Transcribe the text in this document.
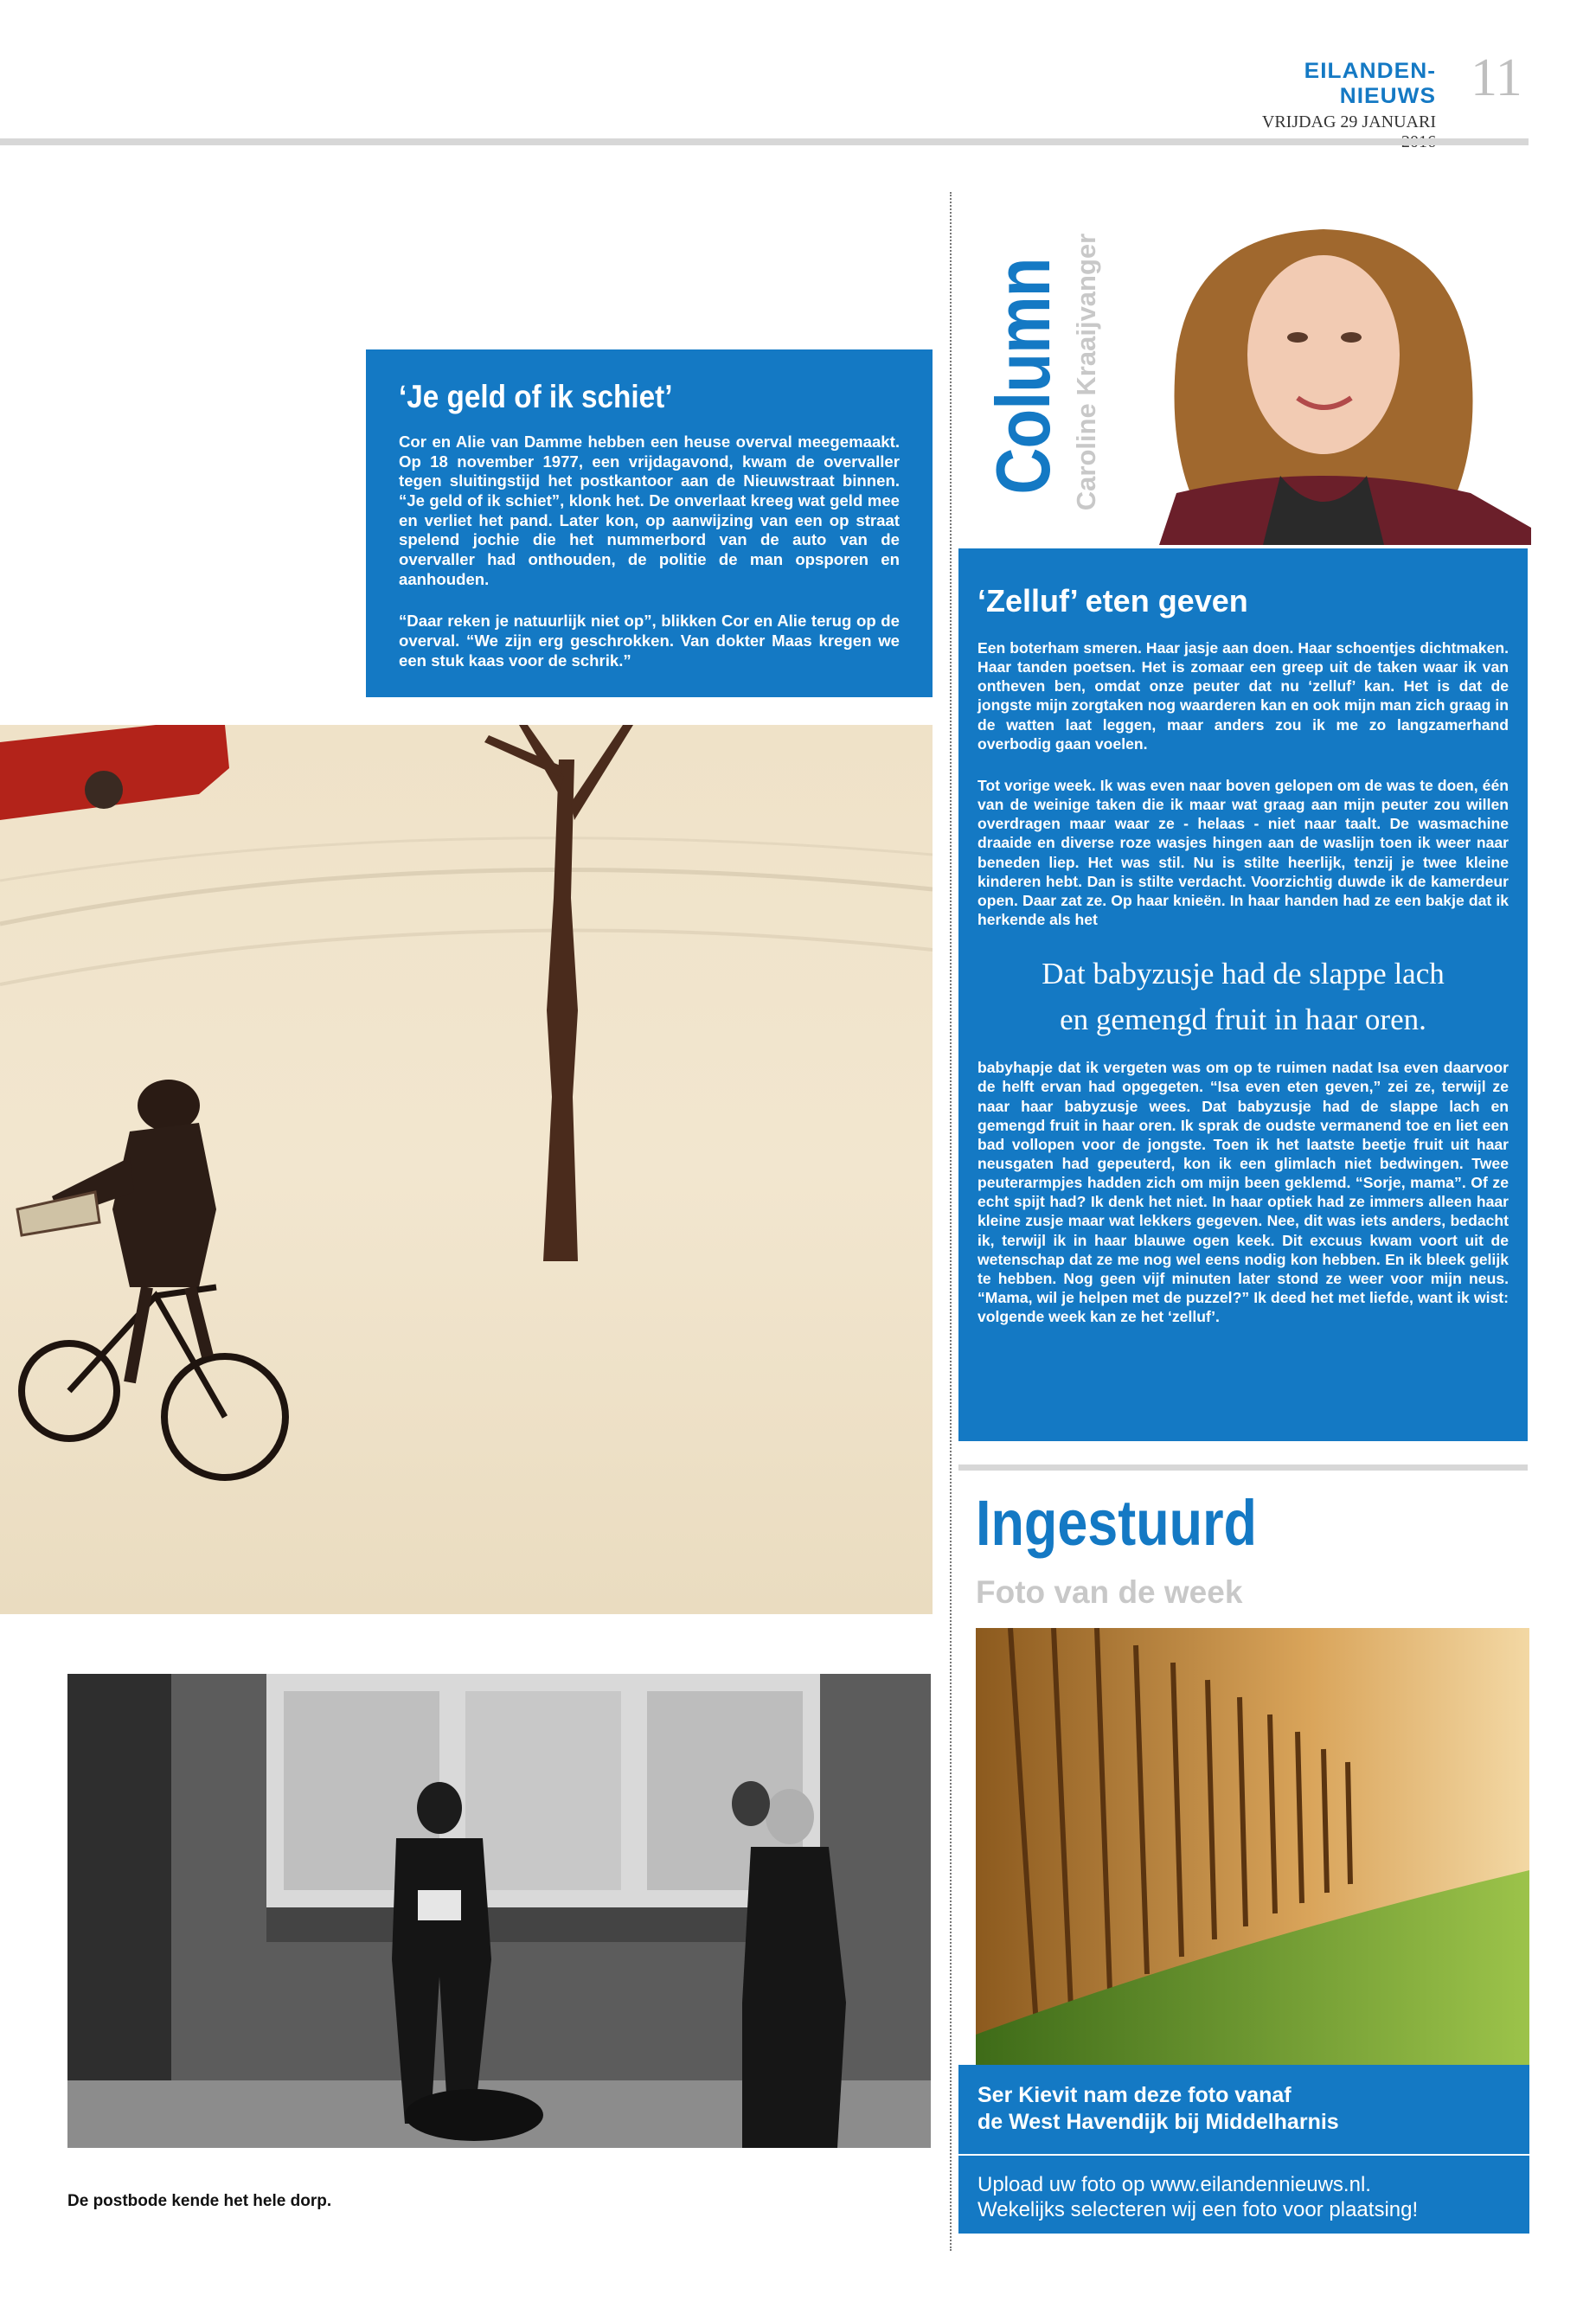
EILANDEN-NIEUWS
VRIJDAG 29 JANUARI
11
‘Je geld of ik schiet’

Cor en Alie van Damme hebben een heuse overval meegemaakt. Op 18 november 1977, een vrijdagavond, kwam de overvaller tegen sluitingstijd het postkantoor aan de Nieuwstraat binnen. “Je geld of ik schiet”, klonk het. De onverlaat kreeg wat geld mee en verliet het pand. Later kon, op aanwijzing van een op straat spelend jochie die het nummerbord van de auto van de overvaller had onthouden, de politie de man opsporen en aanhouden.

“Daar reken je natuurlijk niet op”, blikken Cor en Alie terug op de overval. “We zijn erg geschrokken. Van dokter Maas kregen we een stuk kaas voor de schrik.”

De postbode kende het hele dorp.
Column Caroline Kraaijvanger
‘Zelluf’ eten geven

Een boterham smeren. Haar jasje aan doen. Haar schoentjes dichtmaken. Haar tanden poetsen. Het is zomaar een greep uit de taken waar ik van ontheven ben, omdat onze peuter dat nu ‘zelluf’ kan. Het is dat de jongste mijn zorgtaken nog waarderen kan en ook mijn man zich graag in de watten laat leggen, maar anders zou ik me zo langzamerhand overbodig gaan voelen.

Tot vorige week. Ik was even naar boven gelopen om de was te doen, één van de weinige taken die ik maar wat graag aan mijn peuter zou willen overdragen maar waar ze - helaas - niet naar taalt. De wasmachine draaide en diverse roze wasjes hingen aan de waslijn toen ik weer naar beneden liep. Het was stil. Nu is stilte heerlijk, tenzij je twee kleine kinderen hebt. Dan is stilte verdacht. Voorzichtig duwde ik de kamerdeur open. Daar zat ze. Op haar knieën. In haar handen had ze een bakje dat ik herkende als het

Dat babyzusje had de slappe lach
en gemengd fruit in haar oren.

babyhapje dat ik vergeten was om op te ruimen nadat Isa even daarvoor de helft ervan had opgegeten. “Isa even eten geven,” zei ze, terwijl ze naar haar babyzusje wees. Dat babyzusje had de slappe lach en gemengd fruit in haar oren. Ik sprak de oudste vermanend toe en liet een bad vollopen voor de jongste. Toen ik het laatste beetje fruit uit haar neusgaten had gepeuterd, kon ik een glimlach niet bedwingen. Twee peuterarmpjes hadden zich om mijn been geklemd. “Sorje, mama”. Of ze echt spijt had? Ik denk het niet. In haar optiek had ze immers alleen haar kleine zusje maar wat lekkers gegeven. Nee, dit was iets anders, bedacht ik, terwijl ik in haar blauwe ogen keek. Dit excuus kwam voort uit de wetenschap dat ze me nog wel eens nodig kon hebben. En ik bleek gelijk te hebben. Nog geen vijf minuten later stond ze weer voor mijn neus. “Mama, wil je helpen met de puzzel?” Ik deed het met liefde, want ik wist: volgende week kan ze het ‘zelluf’.

Ingestuurd
Foto van de week
Ser Kievit nam deze foto vanaf
de West Havendijk bij Middelharnis
Upload uw foto op www.eilandennieuws.nl.
Wekelijks selecteren wij een foto voor plaatsing!
